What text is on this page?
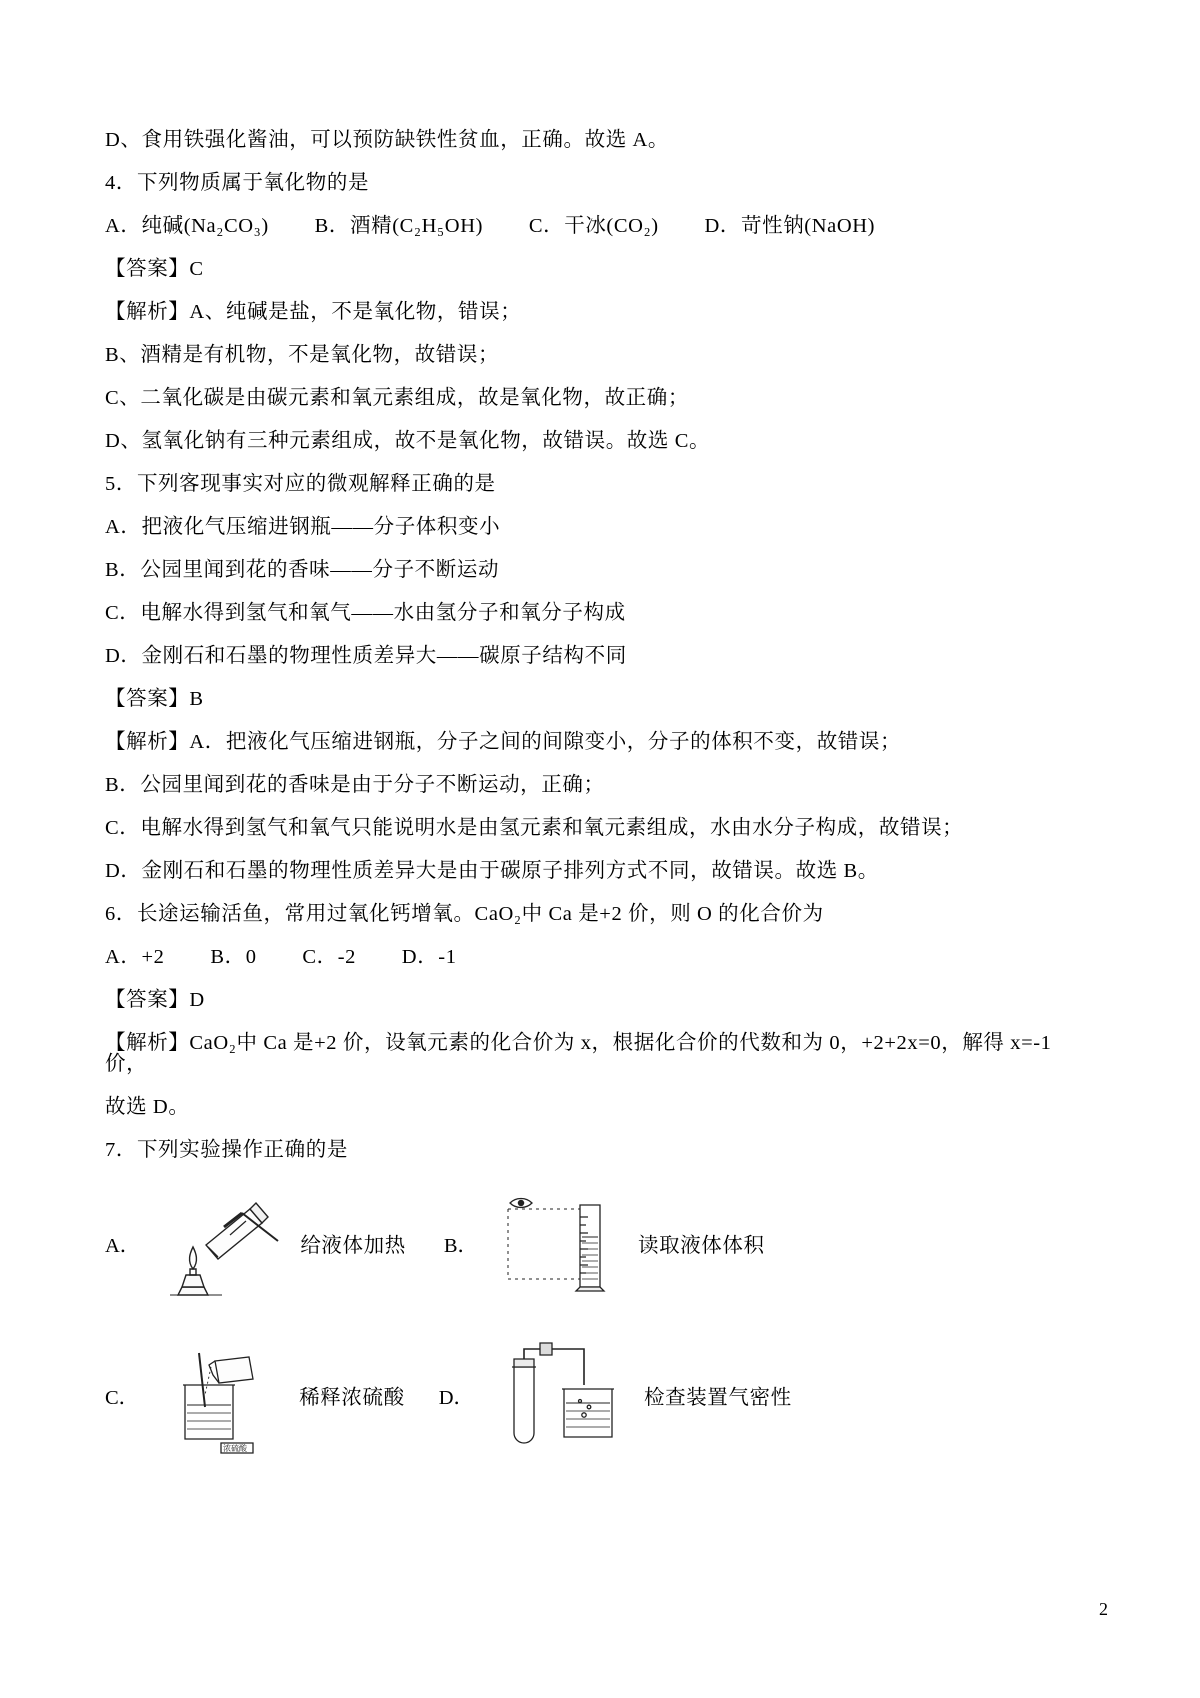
D、食用铁强化酱油，可以预防缺铁性贫血，正确。故选 A。
4．下列物质属于氧化物的是
A．纯碱(Na₂CO₃)        B．酒精(C₂H₅OH)        C．干冰(CO₂)        D．苛性钠(NaOH)
【答案】C
【解析】A、纯碱是盐，不是氧化物，错误；
B、酒精是有机物，不是氧化物，故错误；
C、二氧化碳是由碳元素和氧元素组成，故是氧化物，故正确；
D、氢氧化钠有三种元素组成，故不是氧化物，故错误。故选 C。
5．下列客现事实对应的微观解释正确的是
A．把液化气压缩进钢瓶——分子体积变小
B．公园里闻到花的香味——分子不断运动
C．电解水得到氢气和氧气——水由氢分子和氧分子构成
D．金刚石和石墨的物理性质差异大——碳原子结构不同
【答案】B
【解析】A．把液化气压缩进钢瓶，分子之间的间隙变小，分子的体积不变，故错误；
B．公园里闻到花的香味是由于分子不断运动，正确；
C．电解水得到氢气和氧气只能说明水是由氢元素和氧元素组成，水由水分子构成，故错误；
D．金刚石和石墨的物理性质差异大是由于碳原子排列方式不同，故错误。故选 B。
6．长途运输活鱼，常用过氧化钙增氧。CaO₂中 Ca 是+2 价，则 O 的化合价为
A．+2        B．0        C．-2        D．-1
【答案】D
【解析】CaO₂中 Ca 是+2 价，设氧元素的化合价为 x，根据化合价的代数和为 0，+2+2x=0，解得 x=-1 价，
故选 D。
7．下列实验操作正确的是
A．	给液体加热 B．	读取液体体积
C．
浓硫酸
稀释浓硫酸 D．	检查装置气密性
2
